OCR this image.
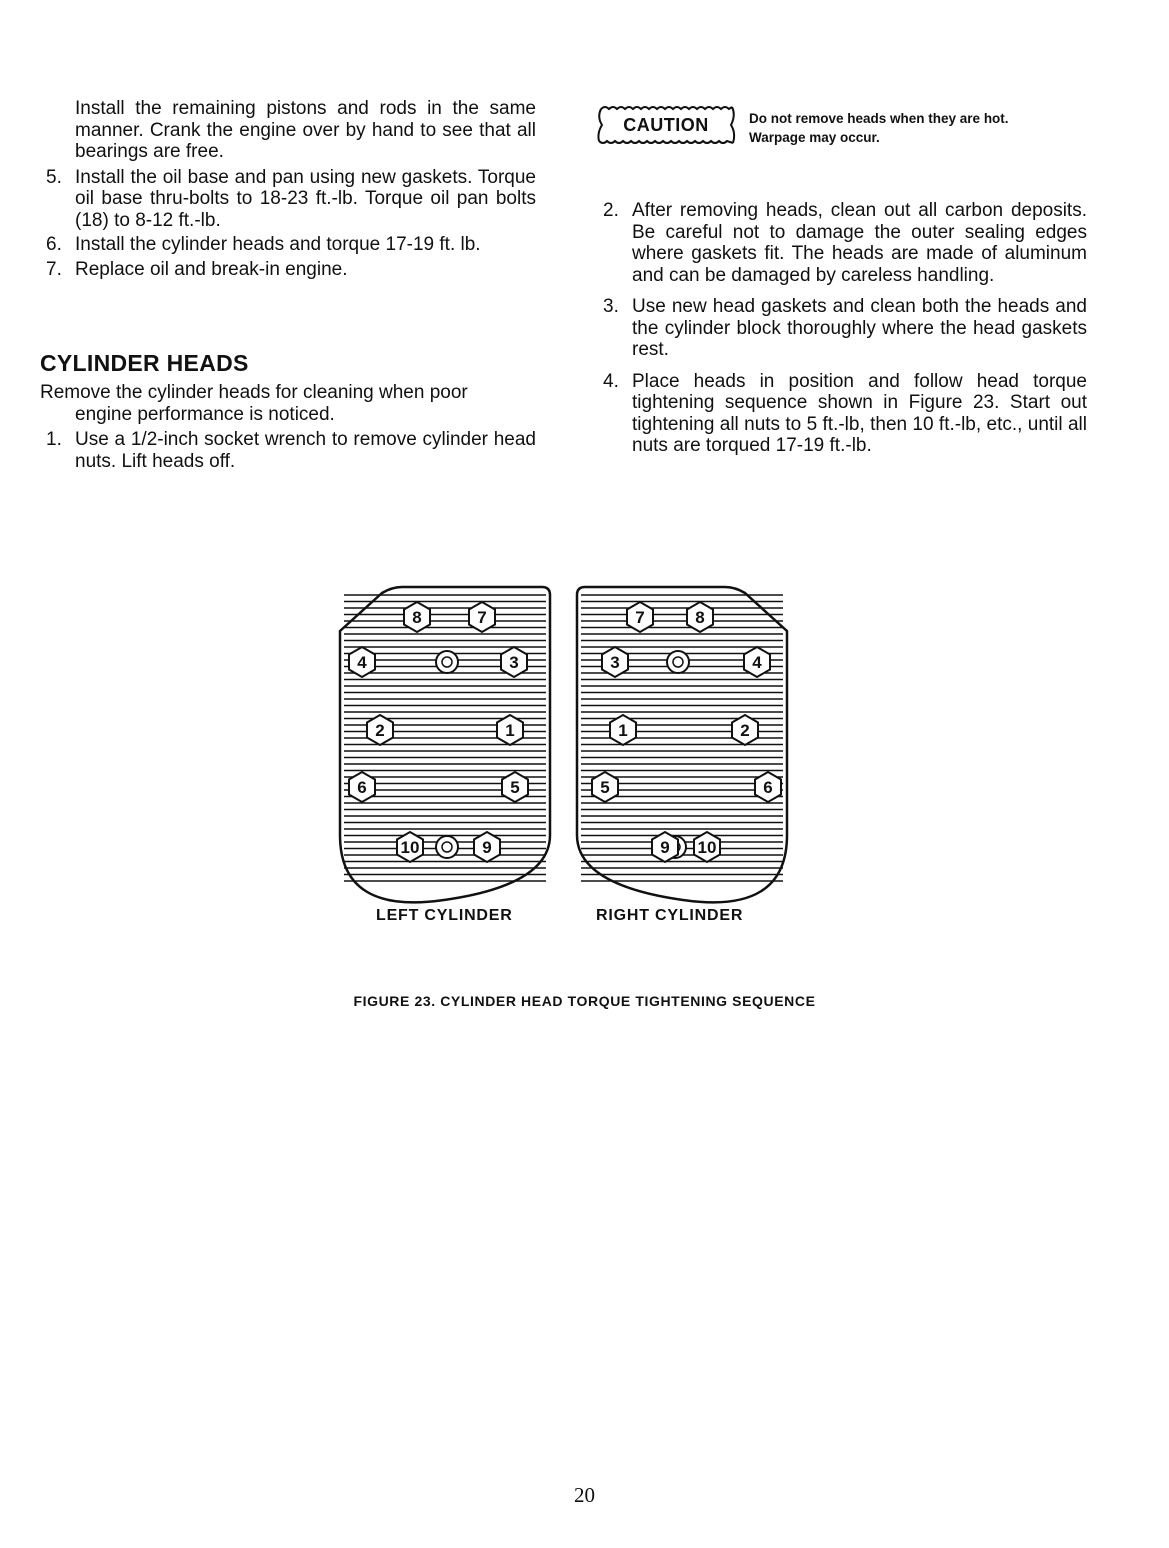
Install the remaining pistons and rods in the same manner. Crank the engine over by hand to see that all bearings are free.

5. Install the oil base and pan using new gaskets. Torque oil base thru-bolts to 18-23 ft.-lb. Torque oil pan bolts (18) to 8-12 ft.-lb.
6. Install the cylinder heads and torque 17-19 ft. lb.
7. Replace oil and break-in engine.
CYLINDER HEADS
Remove the cylinder heads for cleaning when poor
engine performance is noticed.
1. Use a 1/2-inch socket wrench to remove cylinder head nuts. Lift heads off.
CAUTION	Do not remove heads when they are hot. Warpage may occur.
2. After removing heads, clean out all carbon deposits. Be careful not to damage the outer sealing edges where gaskets fit. The heads are made of aluminum and can be damaged by careless handling.
3. Use new head gaskets and clean both the heads and the cylinder block thoroughly where the head gaskets rest.
4. Place heads in position and follow head torque tightening sequence shown in Figure 23. Start out tightening all nuts to 5 ft.-lb, then 10 ft.-lb, etc., until all nuts are torqued 17-19 ft.-lb.
8	7
4	3
2	1
6	5
10	9
7	8
3	4
1	2
5	6
9 10
LEFT CYLINDER	RIGHT CYLINDER
FIGURE 23. CYLINDER HEAD TORQUE TIGHTENING SEQUENCE
20
